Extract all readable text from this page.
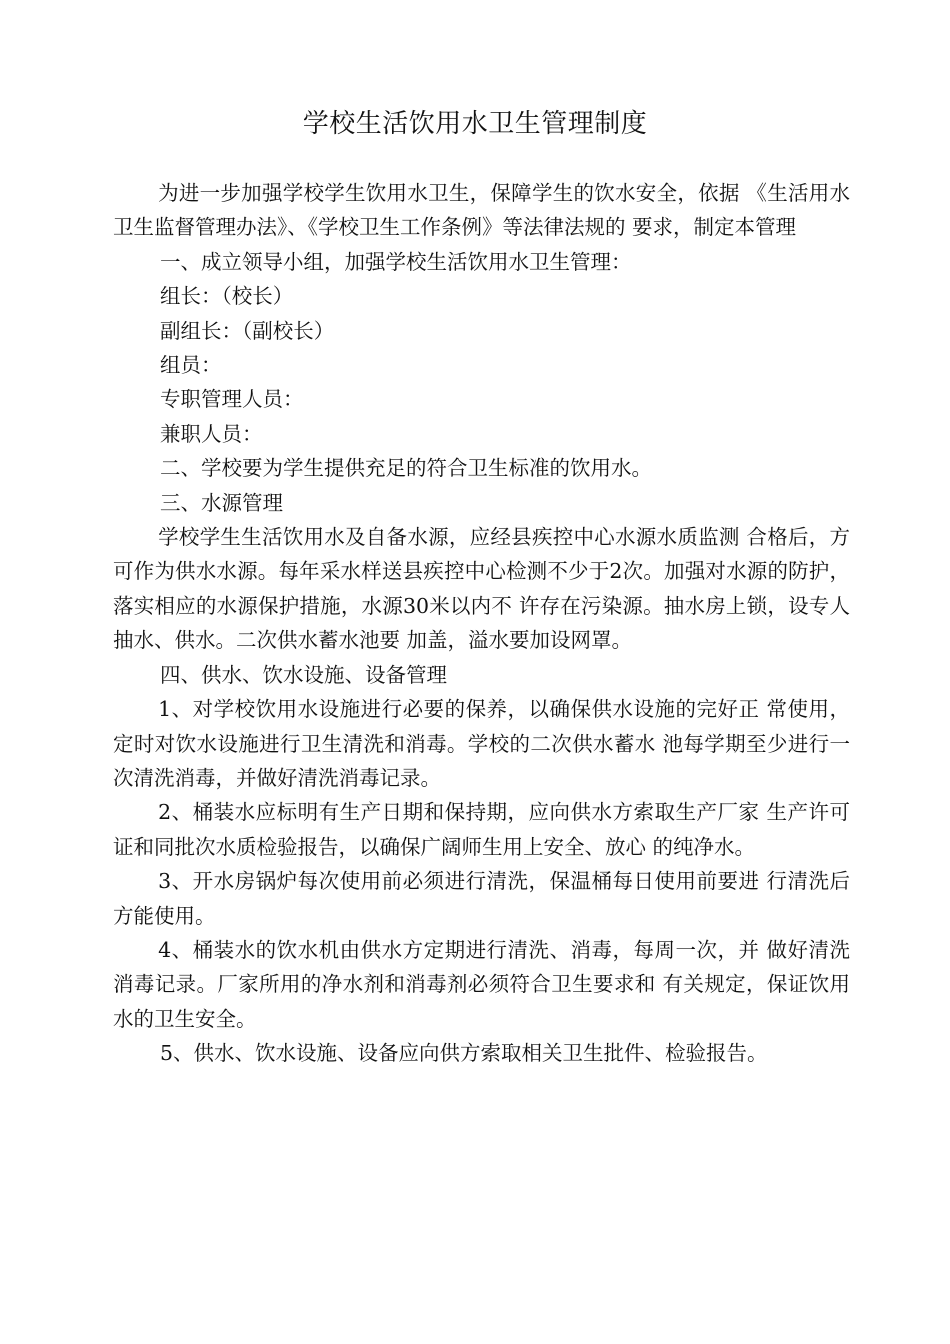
学校生活饮用水卫生管理制度

为进一步加强学校学生饮用水卫生，保障学生的饮水安全，依据 《生活用水卫生监督管理办法》、《学校卫生工作条例》等法律法规的 要求，制定本管理

一、成立领导小组，加强学校生活饮用水卫生管理：

组长：（校长）

副组长：（副校长）

组员：

专职管理人员：

兼职人员：

二、学校要为学生提供充足的符合卫生标准的饮用水。

三、水源管理

学校学生生活饮用水及自备水源，应经县疾控中心水源水质监测 合格后，方可作为供水水源。每年采水样送县疾控中心检测不少于2次。加强对水源的防护，落实相应的水源保护措施，水源30米以内不 许存在污染源。抽水房上锁，设专人抽水、供水。二次供水蓄水池要 加盖，溢水要加设网罩。

四、供水、饮水设施、设备管理

1、对学校饮用水设施进行必要的保养，以确保供水设施的完好正 常使用，定时对饮水设施进行卫生清洗和消毒。学校的二次供水蓄水 池每学期至少进行一次清洗消毒，并做好清洗消毒记录。

2、桶装水应标明有生产日期和保持期，应向供水方索取生产厂家 生产许可证和同批次水质检验报告，以确保广阔师生用上安全、放心 的纯净水。

3、开水房锅炉每次使用前必须进行清洗，保温桶每日使用前要进 行清洗后方能使用。

4、桶装水的饮水机由供水方定期进行清洗、消毒，每周一次，并 做好清洗消毒记录。厂家所用的净水剂和消毒剂必须符合卫生要求和 有关规定，保证饮用水的卫生安全。

5、供水、饮水设施、设备应向供方索取相关卫生批件、检验报告。
